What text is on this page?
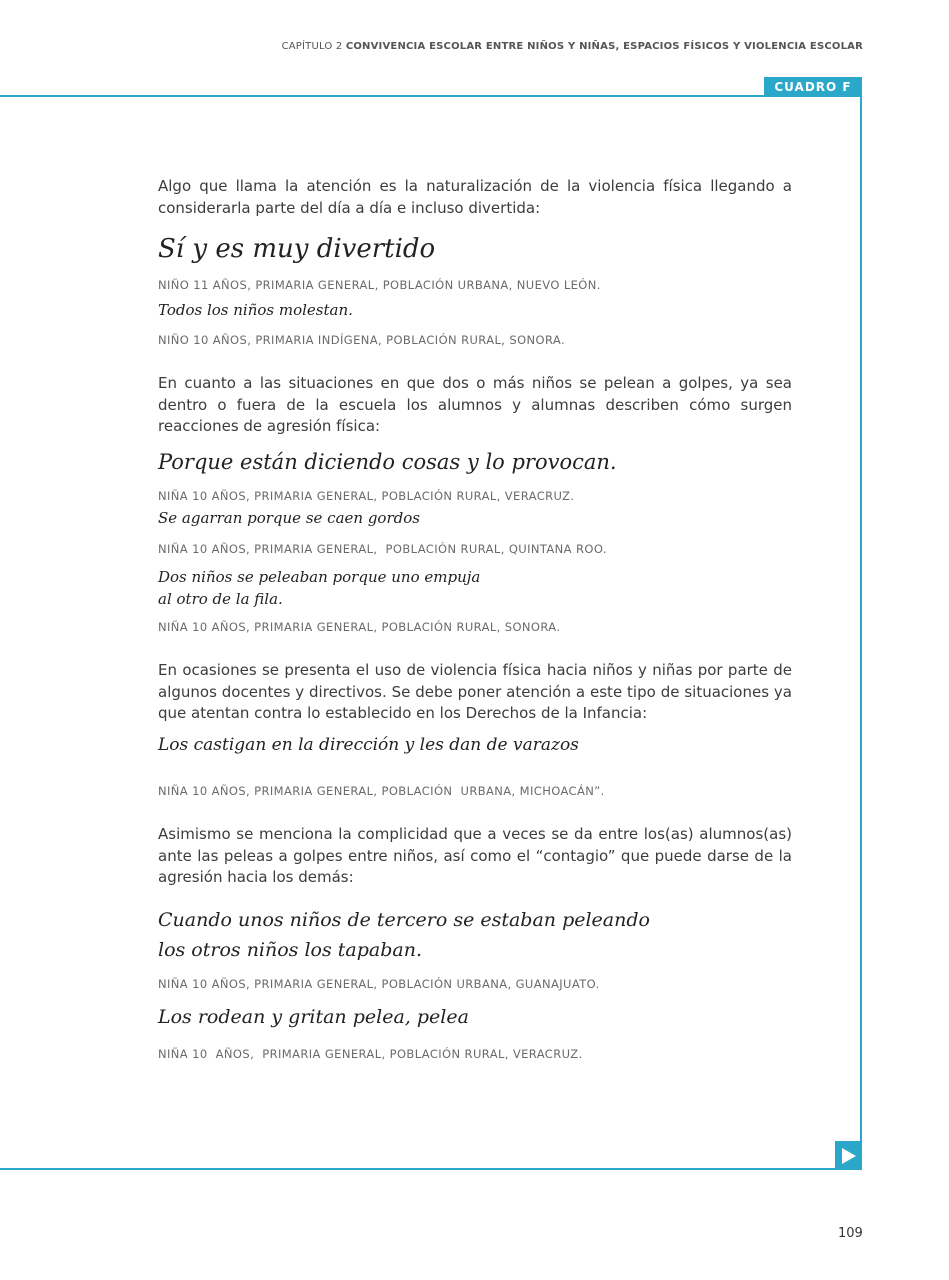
CAPÍTULO 2 CONVIVENCIA ESCOLAR ENTRE NIÑOS Y NIÑAS, ESPACIOS FÍSICOS Y VIOLENCIA ESCOLAR
CUADRO F

Algo que llama la atención es la naturalización de la violencia física llegando a considerarla parte del día a día e incluso divertida:

Sí y es muy divertido
NIÑO 11 AÑOS, PRIMARIA GENERAL, POBLACIÓN URBANA, NUEVO LEÓN.
Todos los niños molestan.
NIÑO 10 AÑOS, PRIMARIA INDÍGENA, POBLACIÓN RURAL, SONORA.

En cuanto a las situaciones en que dos o más niños se pelean a golpes, ya sea dentro o fuera de la escuela los alumnos y alumnas describen cómo surgen reacciones de agresión física:

Porque están diciendo cosas y lo provocan.
NIÑA 10 AÑOS, PRIMARIA GENERAL, POBLACIÓN RURAL, VERACRUZ.
Se agarran porque se caen gordos
NIÑA 10 AÑOS, PRIMARIA GENERAL,  POBLACIÓN RURAL, QUINTANA ROO.
Dos niños se peleaban porque uno empuja
al otro de la fila.
NIÑA 10 AÑOS, PRIMARIA GENERAL, POBLACIÓN RURAL, SONORA.

En ocasiones se presenta el uso de violencia física hacia niños y niñas por parte de algunos docentes y directivos. Se debe poner atención a este tipo de situaciones ya que atentan contra lo establecido en los Derechos de la Infancia:

Los castigan en la dirección y les dan de varazos
NIÑA 10 AÑOS, PRIMARIA GENERAL, POBLACIÓN  URBANA, MICHOACÁN”.

Asimismo se menciona la complicidad que a veces se da entre los(as) alumnos(as) ante las peleas a golpes entre niños, así como el “contagio” que puede darse de la agresión hacia los demás:

Cuando unos niños de tercero se estaban peleando
los otros niños los tapaban.
NIÑA 10 AÑOS, PRIMARIA GENERAL, POBLACIÓN URBANA, GUANAJUATO.
Los rodean y gritan pelea, pelea
NIÑA 10  AÑOS,  PRIMARIA GENERAL, POBLACIÓN RURAL, VERACRUZ.
109
